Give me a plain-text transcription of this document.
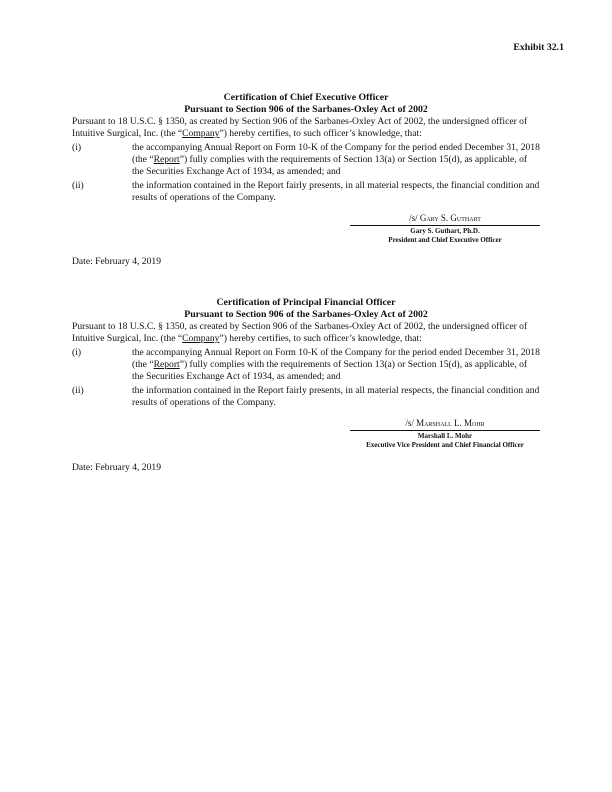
Exhibit 32.1
Certification of Chief Executive Officer
Pursuant to Section 906 of the Sarbanes-Oxley Act of 2002
Pursuant to 18 U.S.C. § 1350, as created by Section 906 of the Sarbanes-Oxley Act of 2002, the undersigned officer of Intuitive Surgical, Inc. (the “Company”) hereby certifies, to such officer’s knowledge, that:
(i)	the accompanying Annual Report on Form 10-K of the Company for the period ended December 31, 2018 (the “Report”) fully complies with the requirements of Section 13(a) or Section 15(d), as applicable, of the Securities Exchange Act of 1934, as amended; and
(ii)	the information contained in the Report fairly presents, in all material respects, the financial condition and results of operations of the Company.
/s/ Gary S. Guthart
Gary S. Guthart, Ph.D.
President and Chief Executive Officer
Date: February 4, 2019
Certification of Principal Financial Officer
Pursuant to Section 906 of the Sarbanes-Oxley Act of 2002
Pursuant to 18 U.S.C. § 1350, as created by Section 906 of the Sarbanes-Oxley Act of 2002, the undersigned officer of Intuitive Surgical, Inc. (the “Company”) hereby certifies, to such officer’s knowledge, that:
(i)	the accompanying Annual Report on Form 10-K of the Company for the period ended December 31, 2018 (the “Report”) fully complies with the requirements of Section 13(a) or Section 15(d), as applicable, of the Securities Exchange Act of 1934, as amended; and
(ii)	the information contained in the Report fairly presents, in all material respects, the financial condition and results of operations of the Company.
/s/ Marshall L. Mohr
Marshall L. Mohr
Executive Vice President and Chief Financial Officer
Date: February 4, 2019
